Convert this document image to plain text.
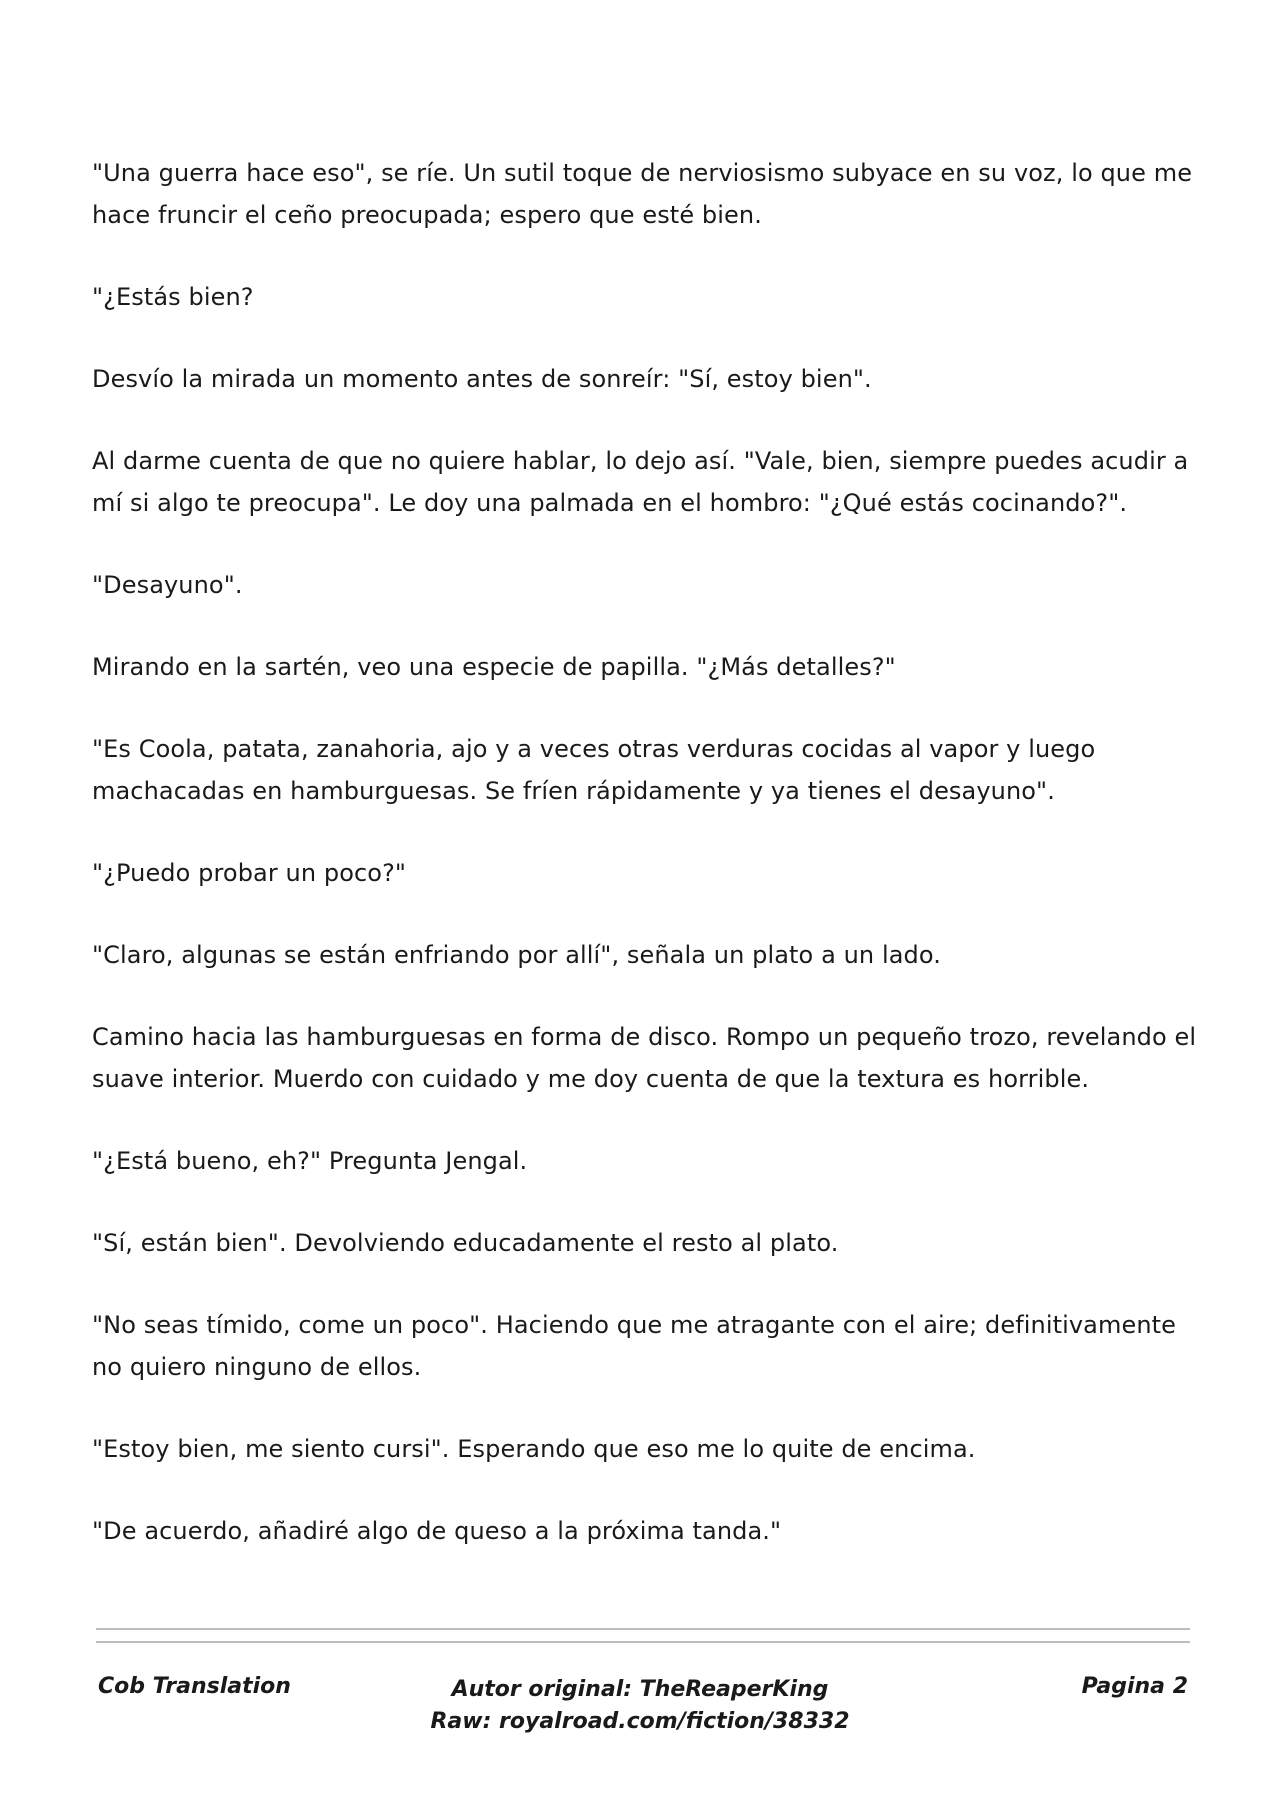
"Una guerra hace eso", se ríe. Un sutil toque de nerviosismo subyace en su voz, lo que me hace fruncir el ceño preocupada; espero que esté bien.

"¿Estás bien?

Desvío la mirada un momento antes de sonreír: "Sí, estoy bien".

Al darme cuenta de que no quiere hablar, lo dejo así. "Vale, bien, siempre puedes acudir a mí si algo te preocupa". Le doy una palmada en el hombro: "¿Qué estás cocinando?".

"Desayuno".

Mirando en la sartén, veo una especie de papilla. "¿Más detalles?"

"Es Coola, patata, zanahoria, ajo y a veces otras verduras cocidas al vapor y luego machacadas en hamburguesas. Se fríen rápidamente y ya tienes el desayuno".

"¿Puedo probar un poco?"

"Claro, algunas se están enfriando por allí", señala un plato a un lado.

Camino hacia las hamburguesas en forma de disco. Rompo un pequeño trozo, revelando el suave interior. Muerdo con cuidado y me doy cuenta de que la textura es horrible.

"¿Está bueno, eh?" Pregunta Jengal.

"Sí, están bien". Devolviendo educadamente el resto al plato.

"No seas tímido, come un poco". Haciendo que me atragante con el aire; definitivamente no quiero ninguno de ellos.

"Estoy bien, me siento cursi". Esperando que eso me lo quite de encima.

"De acuerdo, añadiré algo de queso a la próxima tanda."

Cob Translation	Autor original: TheReaperKing
Raw: royalroad.com/fiction/38332
Pagina 2
